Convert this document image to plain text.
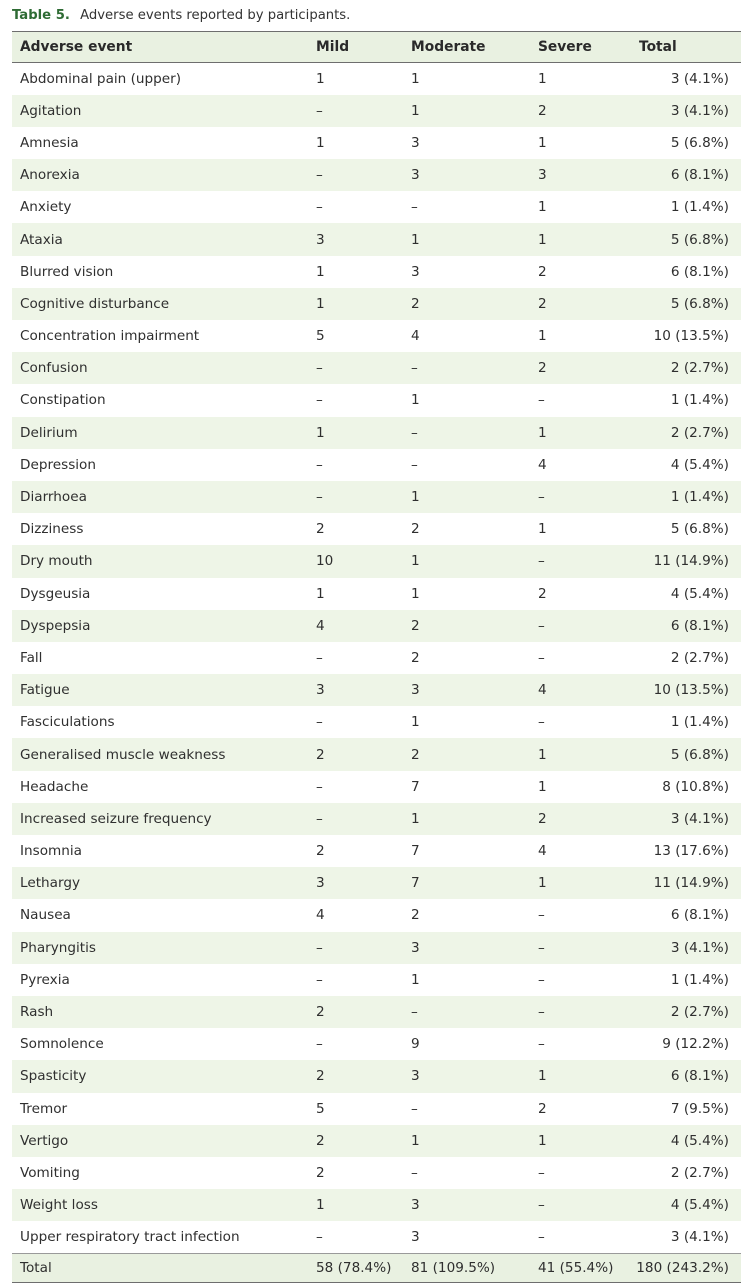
Table 5. Adverse events reported by participants.
Adverse event	Mild	Moderate	Severe	Total
Abdominal pain (upper)	1	1	1	3 (4.1%)
Agitation	–	1	2	3 (4.1%)
Amnesia	1	3	1	5 (6.8%)
Anorexia	–	3	3	6 (8.1%)
Anxiety	–	–	1	1 (1.4%)
Ataxia	3	1	1	5 (6.8%)
Blurred vision	1	3	2	6 (8.1%)
Cognitive disturbance	1	2	2	5 (6.8%)
Concentration impairment	5	4	1	10 (13.5%)
Confusion	–	–	2	2 (2.7%)
Constipation	–	1	–	1 (1.4%)
Delirium	1	–	1	2 (2.7%)
Depression	–	–	4	4 (5.4%)
Diarrhoea	–	1	–	1 (1.4%)
Dizziness	2	2	1	5 (6.8%)
Dry mouth	10	1	–	11 (14.9%)
Dysgeusia	1	1	2	4 (5.4%)
Dyspepsia	4	2	–	6 (8.1%)
Fall	–	2	–	2 (2.7%)
Fatigue	3	3	4	10 (13.5%)
Fasciculations	–	1	–	1 (1.4%)
Generalised muscle weakness	2	2	1	5 (6.8%)
Headache	–	7	1	8 (10.8%)
Increased seizure frequency	–	1	2	3 (4.1%)
Insomnia	2	7	4	13 (17.6%)
Lethargy	3	7	1	11 (14.9%)
Nausea	4	2	–	6 (8.1%)
Pharyngitis	–	3	–	3 (4.1%)
Pyrexia	–	1	–	1 (1.4%)
Rash	2	–	–	2 (2.7%)
Somnolence	–	9	–	9 (12.2%)
Spasticity	2	3	1	6 (8.1%)
Tremor	5	–	2	7 (9.5%)
Vertigo	2	1	1	4 (5.4%)
Vomiting	2	–	–	2 (2.7%)
Weight loss	1	3	–	4 (5.4%)
Upper respiratory tract infection	–	3	–	3 (4.1%)
Total	58 (78.4%)	81 (109.5%)	41 (55.4%)	180 (243.2%)
